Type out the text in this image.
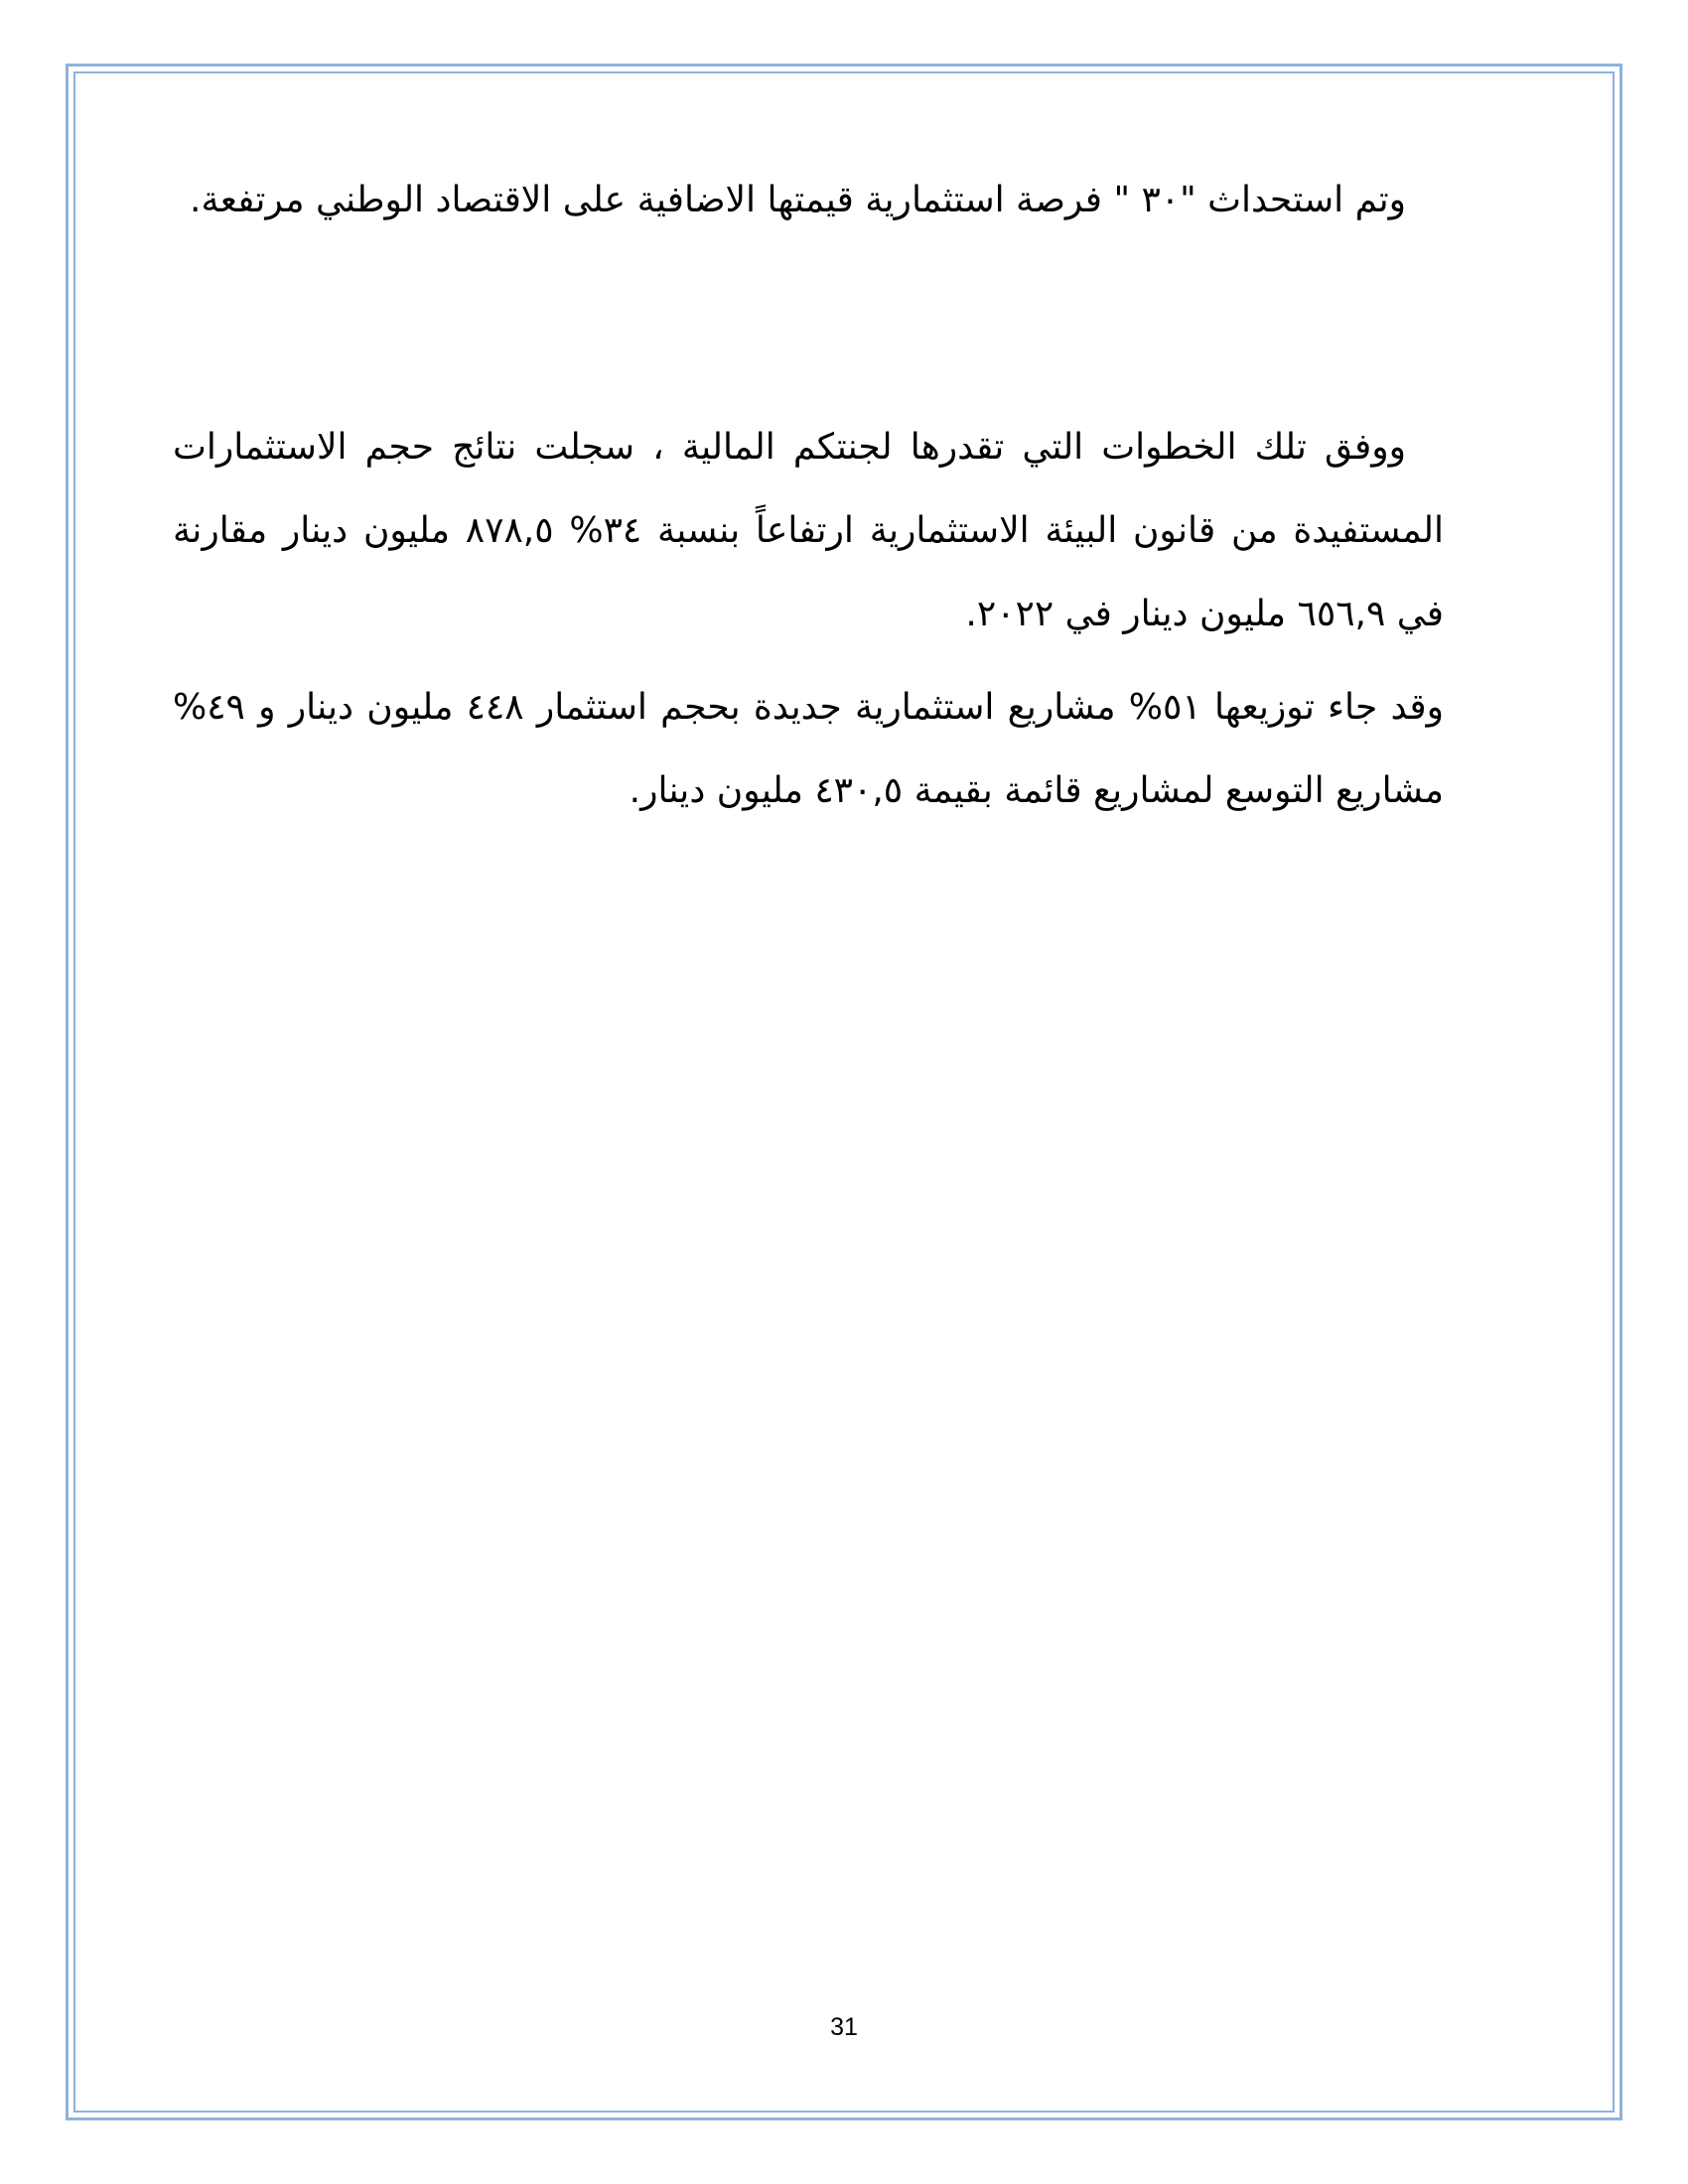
وتم استحداث "٣٠ " فرصة استثمارية قيمتها الاضافية على الاقتصاد الوطني مرتفعة.

ووفق تلك الخطوات التي تقدرها لجنتكم المالية ، سجلت نتائج حجم الاستثمارات المستفيدة من قانون البيئة الاستثمارية ارتفاعاً بنسبة ٣٤% ٨٧٨,٥ مليون دينار مقارنة في ٦٥٦,٩ مليون دينار في ٢٠٢٢.

وقد جاء توزيعها ٥١% مشاريع استثمارية جديدة بحجم استثمار ٤٤٨ مليون دينار و ٤٩% مشاريع التوسع لمشاريع قائمة بقيمة ٤٣٠,٥ مليون دينار.

31
